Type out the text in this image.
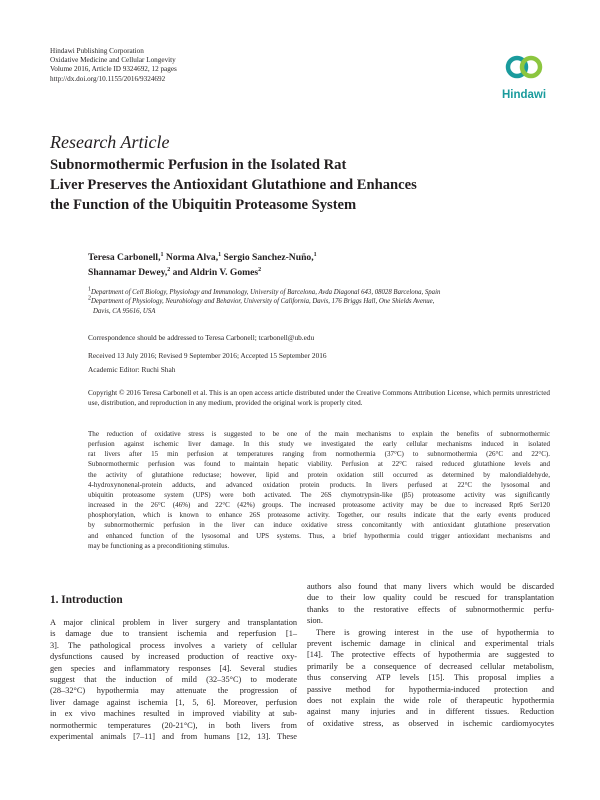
Hindawi Publishing Corporation
Oxidative Medicine and Cellular Longevity
Volume 2016, Article ID 9324692, 12 pages
http://dx.doi.org/10.1155/2016/9324692
Hindawi
Research Article
Subnormothermic Perfusion in the Isolated Rat
Liver Preserves the Antioxidant Glutathione and Enhances
the Function of the Ubiquitin Proteasome System
Teresa Carbonell,$^1$ Norma Alva,$^1$ Sergio Sanchez-Nuño,$^1$
Shannamar Dewey,$^2$ and Aldrin V. Gomes$^2$
$^1$Department of Cell Biology, Physiology and Immunology, University of Barcelona, Avda Diagonal 643, 08028 Barcelona, Spain
$^2$Department of Physiology, Neurobiology and Behavior, University of California, Davis, 176 Briggs Hall, One Shields Avenue,
Davis, CA 95616, USA
Correspondence should be addressed to Teresa Carbonell; tcarbonell@ub.edu
Received 13 July 2016; Revised 9 September 2016; Accepted 15 September 2016
Academic Editor: Ruchi Shah
Copyright © 2016 Teresa Carbonell et al. This is an open access article distributed under the Creative Commons Attribution License, which permits unrestricted use, distribution, and reproduction in any medium, provided the original work is properly cited.
The reduction of oxidative stress is suggested to be one of the main mechanisms to explain the benefits of subnormothermic
perfusion against ischemic liver damage. In this study we investigated the early cellular mechanisms induced in isolated
rat livers after 15 min perfusion at temperatures ranging from normothermia (37°C) to subnormothermia (26°C and 22°C).
Subnormothermic perfusion was found to maintain hepatic viability. Perfusion at 22°C raised reduced glutathione levels and
the activity of glutathione reductase; however, lipid and protein oxidation still occurred as determined by malondialdehyde,
4-hydroxynonenal-protein adducts, and advanced oxidation protein products. In livers perfused at 22°C the lysosomal and
ubiquitin proteasome system (UPS) were both activated. The 26S chymotrypsin-like (β5) proteasome activity was significantly
increased in the 26°C (46%) and 22°C (42%) groups. The increased proteasome activity may be due to increased Rpt6 Ser120
phosphorylation, which is known to enhance 26S proteasome activity. Together, our results indicate that the early events produced
by subnormothermic perfusion in the liver can induce oxidative stress concomitantly with antioxidant glutathione preservation
and enhanced function of the lysosomal and UPS systems. Thus, a brief hypothermia could trigger antioxidant mechanisms and
may be functioning as a preconditioning stimulus.
1. Introduction
A major clinical problem in liver surgery and transplantation
is damage due to transient ischemia and reperfusion [1–
3]. The pathological process involves a variety of cellular
dysfunctions caused by increased production of reactive oxy-
gen species and inflammatory responses [4]. Several studies
suggest that the induction of mild (32–35°C) to moderate
(28–32°C) hypothermia may attenuate the progression of
liver damage against ischemia [1, 5, 6]. Moreover, perfusion
in ex vivo machines resulted in improved viability at sub-
normothermic temperatures (20-21°C), in both livers from
experimental animals [7–11] and from humans [12, 13]. These
authors also found that many livers which would be discarded
due to their low quality could be rescued for transplantation
thanks to the restorative effects of subnormothermic perfu-
sion.
There is growing interest in the use of hypothermia to
prevent ischemic damage in clinical and experimental trials
[14]. The protective effects of hypothermia are suggested to
primarily be a consequence of decreased cellular metabolism,
thus conserving ATP levels [15]. This proposal implies a
passive method for hypothermia-induced protection and
does not explain the wide role of therapeutic hypothermia
against many injuries and in different tissues. Reduction
of oxidative stress, as observed in ischemic cardiomyocytes
